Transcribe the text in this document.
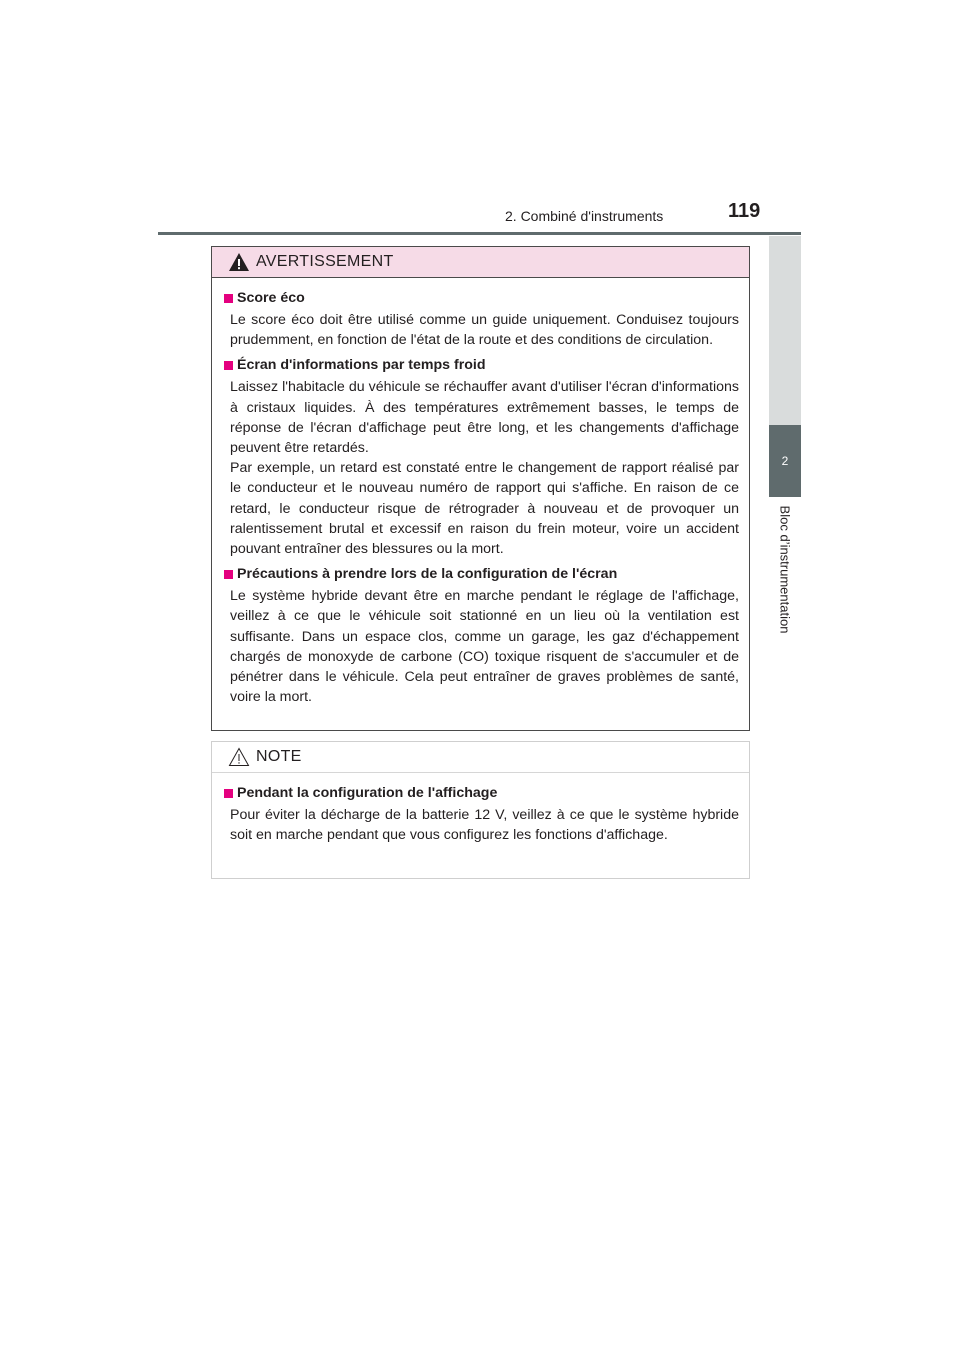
2. Combiné d'instruments	119
2
Bloc d’instrumentation
AVERTISSEMENT
Score éco

Le score éco doit être utilisé comme un guide uniquement. Conduisez toujours prudemment, en fonction de l'état de la route et des conditions de circulation.

Écran d'informations par temps froid

Laissez l'habitacle du véhicule se réchauffer avant d'utiliser l'écran d'informations à cristaux liquides. À des températures extrêmement basses, le temps de réponse de l'écran d'affichage peut être long, et les changements d'affichage peuvent être retardés.

Par exemple, un retard est constaté entre le changement de rapport réalisé par le conducteur et le nouveau numéro de rapport qui s'affiche. En raison de ce retard, le conducteur risque de rétrograder à nouveau et de provoquer un ralentissement brutal et excessif en raison du frein moteur, voire un accident pouvant entraîner des blessures ou la mort.

Précautions à prendre lors de la configuration de l'écran

Le système hybride devant être en marche pendant le réglage de l'affichage, veillez à ce que le véhicule soit stationné en un lieu où la ventilation est suffisante. Dans un espace clos, comme un garage, les gaz d'échappement chargés de monoxyde de carbone (CO) toxique risquent de s'accumuler et de pénétrer dans le véhicule. Cela peut entraîner de graves problèmes de santé, voire la mort.

NOTE
Pendant la configuration de l'affichage

Pour éviter la décharge de la batterie 12 V, veillez à ce que le système hybride soit en marche pendant que vous configurez les fonctions d'affichage.
